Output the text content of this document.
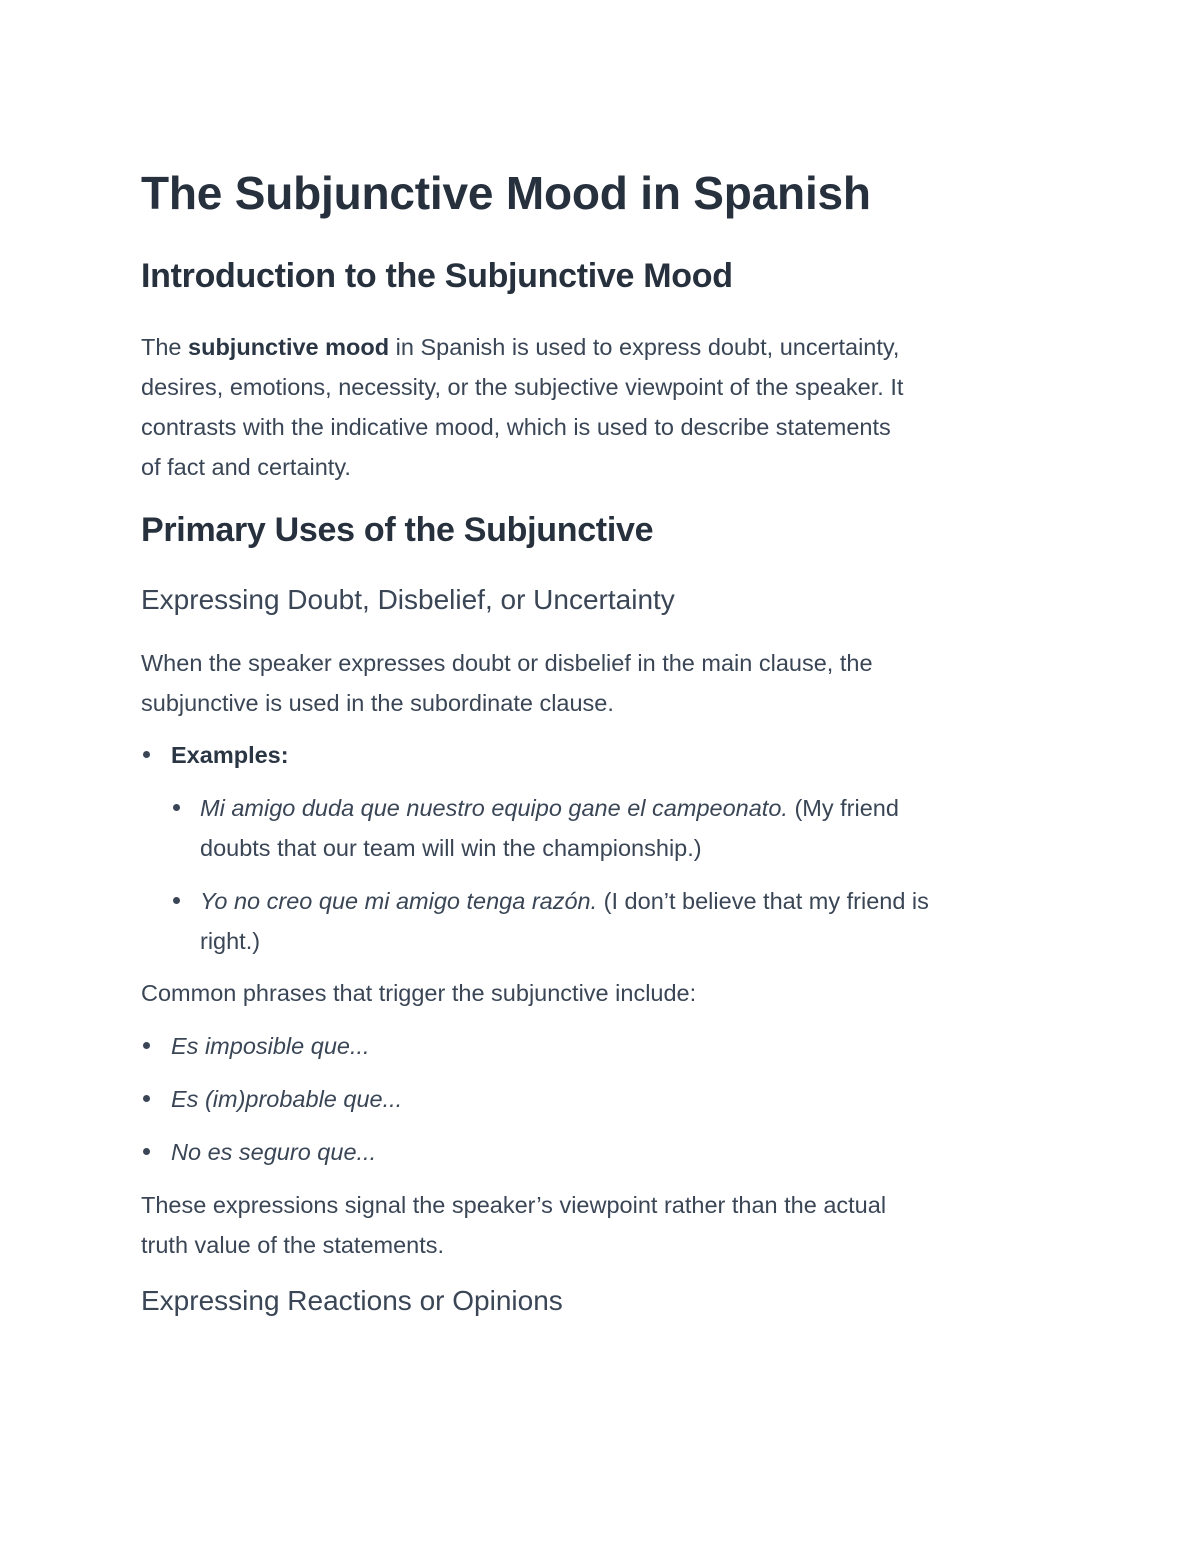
The Subjunctive Mood in Spanish
Introduction to the Subjunctive Mood
The subjunctive mood in Spanish is used to express doubt, uncertainty,
desires, emotions, necessity, or the subjective viewpoint of the speaker. It
contrasts with the indicative mood, which is used to describe statements
of fact and certainty.
Primary Uses of the Subjunctive
Expressing Doubt, Disbelief, or Uncertainty
When the speaker expresses doubt or disbelief in the main clause, the
subjunctive is used in the subordinate clause.
Examples:
Mi amigo duda que nuestro equipo gane el campeonato. (My friend
doubts that our team will win the championship.)
Yo no creo que mi amigo tenga razón. (I don’t believe that my friend is
right.)
Common phrases that trigger the subjunctive include:
Es imposible que...
Es (im)probable que...
No es seguro que...
These expressions signal the speaker’s viewpoint rather than the actual
truth value of the statements.
Expressing Reactions or Opinions
